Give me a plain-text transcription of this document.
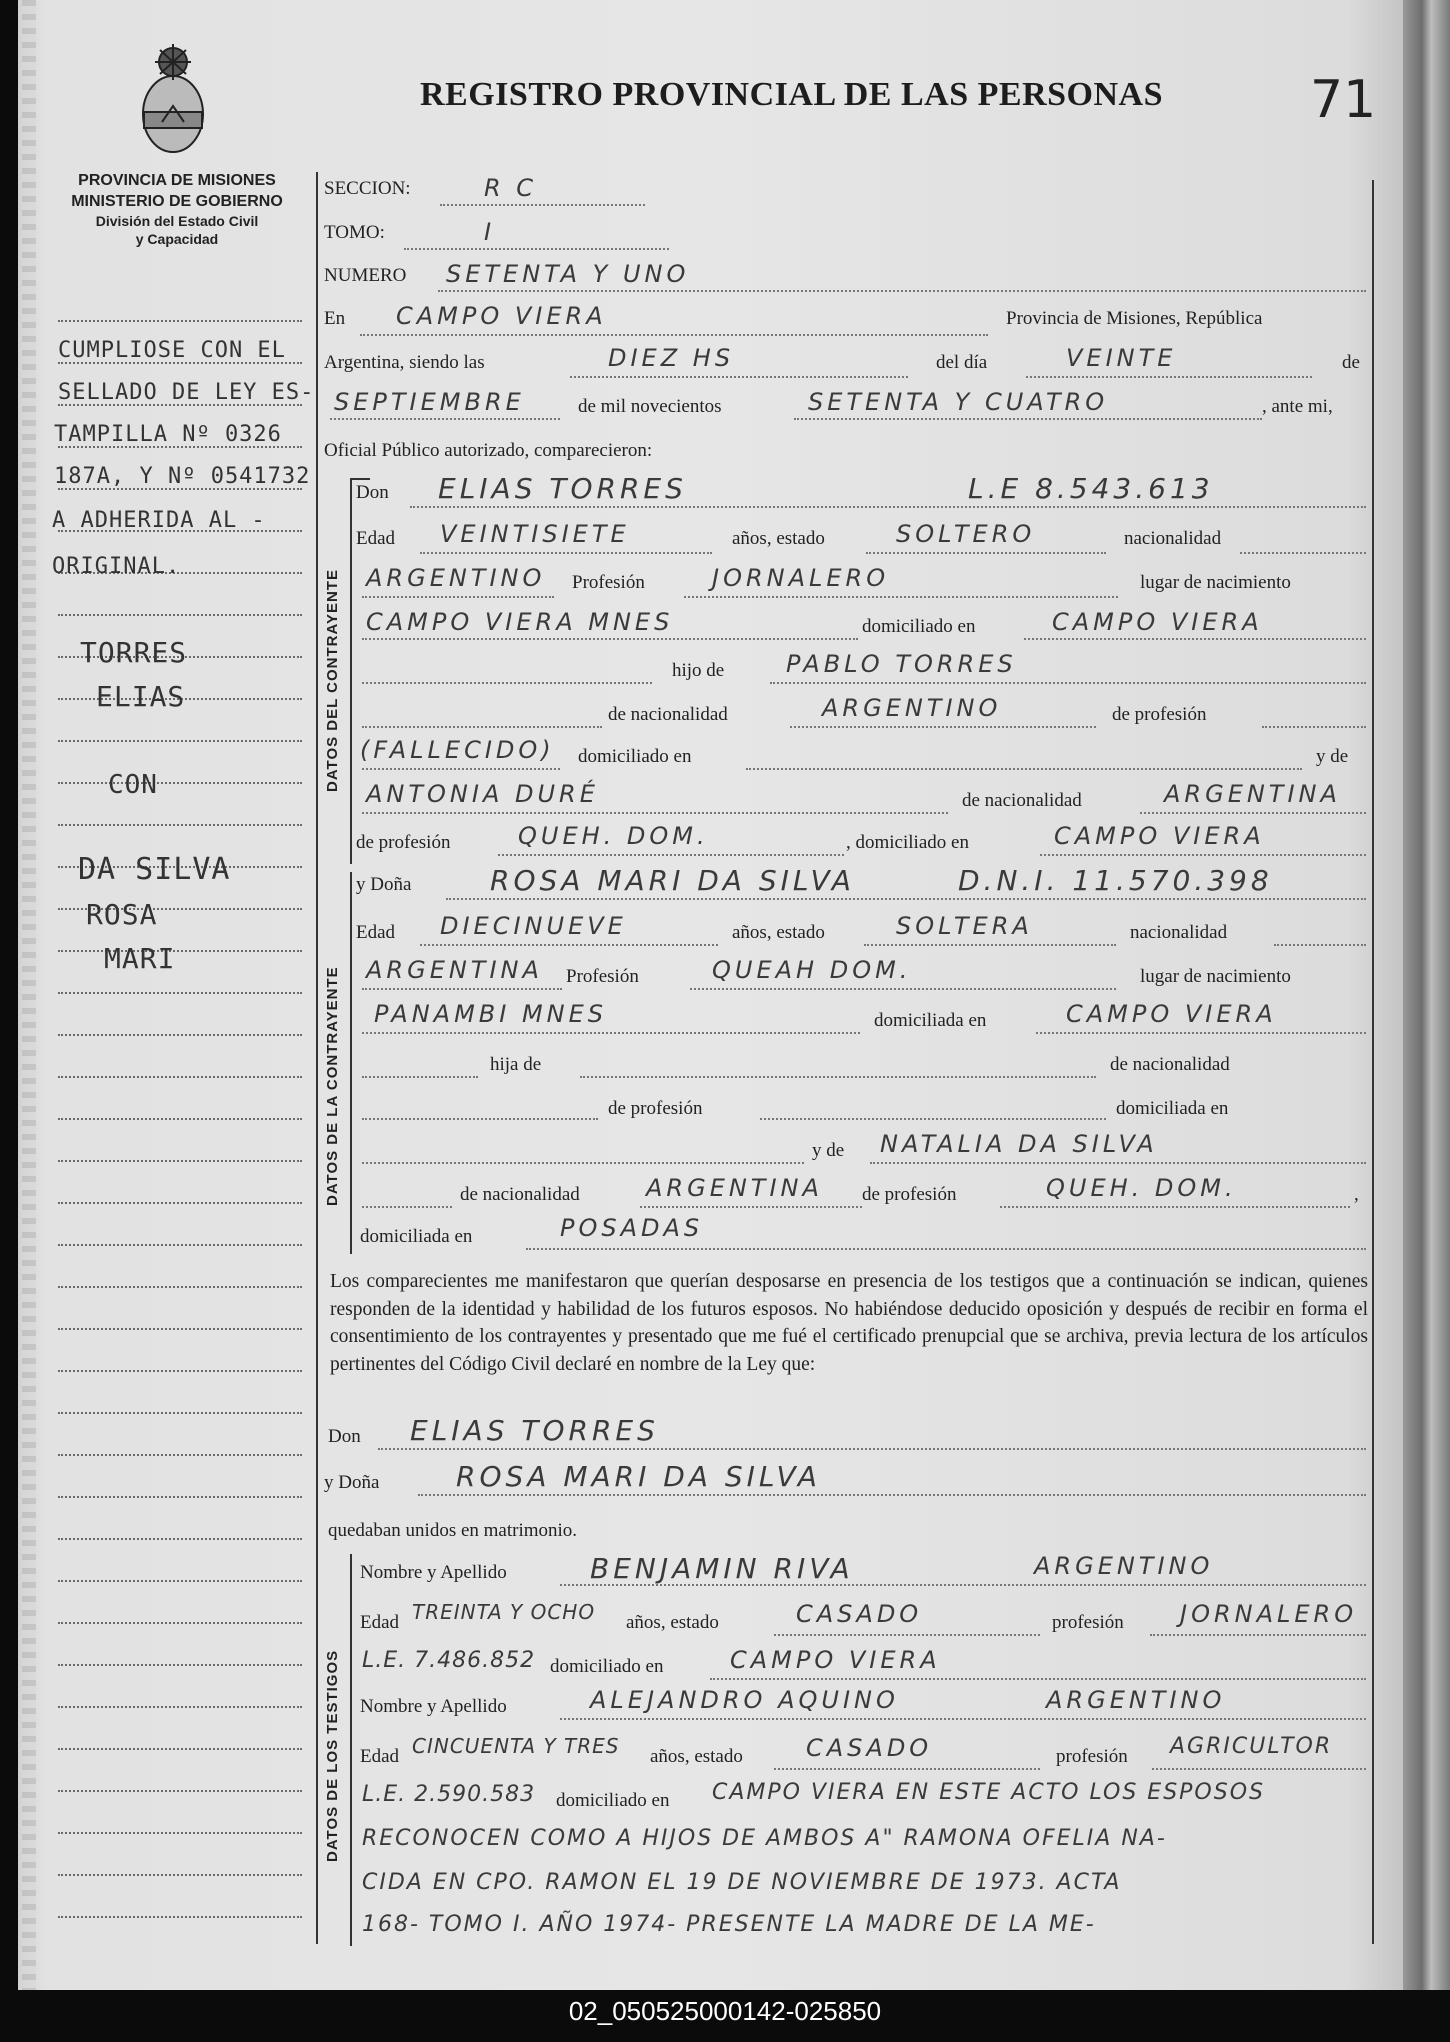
REGISTRO PROVINCIAL DE LAS PERSONAS	71
PROVINCIA DE MISIONES
MINISTERIO DE GOBIERNO
División del Estado Civil
y Capacidad
CUMPLIOSE CON EL
SELLADO DE LEY ES-
TAMPILLA Nº 0326
187A, Y Nº 0541732
A ADHERIDA AL -
ORIGINAL.
TORRES
ELIAS
CON
DA SILVA
ROSA
MARI
SECCION:	R C
TOMO:	I
NUMERO SETENTA Y UNO
En CAMPO VIERA	Provincia de Misiones, República
Argentina, siendo las	DIEZ HS	del día	VEINTE	de
SEPTIEMBRE	de mil novecientos	SETENTA Y CUATRO	, ante mi,
Oficial Público autorizado, comparecieron:
DATOS DEL CONTRAYENTE
Don ELIAS TORRES	L.E 8.543.613
Edad VEINTISIETE	años, estado	SOLTERO	nacionalidad
ARGENTINO Profesión	JORNALERO	lugar de nacimiento
CAMPO VIERA MNES	domiciliado en	CAMPO VIERA
hijo de	PABLO TORRES
de nacionalidad	ARGENTINO	de profesión
(FALLECIDO) domiciliado en	y de
ANTONIA DURÉ	de nacionalidad	ARGENTINA
de profesión	QUEH. DOM.	, domiciliado en	CAMPO VIERA
DATOS DE LA CONTRAYENTE
y Doña	ROSA MARI DA SILVA	D.N.I. 11.570.398
Edad DIECINUEVE	años, estado	SOLTERA	nacionalidad
ARGENTINA Profesión	QUEAH DOM.	lugar de nacimiento
PANAMBI MNES	domiciliada en	CAMPO VIERA
hija de	de nacionalidad
de profesión	domiciliada en
y de NATALIA DA SILVA
de nacionalidad	ARGENTINA de profesión	QUEH. DOM.	,
domiciliada en	POSADAS
Los comparecientes me manifestaron que querían desposarse en presencia de los testigos que a continuación se indican, quienes responden de la identidad y habilidad de los futuros esposos. No habiéndose deducido oposición y después de recibir en forma el consentimiento de los contrayentes y presentado que me fué el certificado prenupcial que se archiva, previa lectura de los artículos pertinentes del Código Civil declaré en nombre de la Ley que:
Don ELIAS TORRES
y Doña	ROSA MARI DA SILVA
quedaban unidos en matrimonio.
DATOS DE LOS TESTIGOS
Nombre y Apellido	BENJAMIN RIVA	ARGENTINO
Edad TREINTA Y OCHO años, estado	CASADO	profesión JORNALERO
L.E. 7.486.852 domiciliado en	CAMPO VIERA
Nombre y Apellido	ALEJANDRO AQUINO	ARGENTINO
Edad CINCUENTA Y TRES años, estado	CASADO	profesión AGRICULTOR
L.E. 2.590.583 domiciliado en CAMPO VIERA EN ESTE ACTO LOS ESPOSOS
RECONOCEN COMO A HIJOS DE AMBOS A" RAMONA OFELIA NA-
CIDA EN CPO. RAMON EL 19 DE NOVIEMBRE DE 1973. ACTA
168- TOMO I. AÑO 1974- PRESENTE LA MADRE DE LA ME-
02_050525000142-025850
